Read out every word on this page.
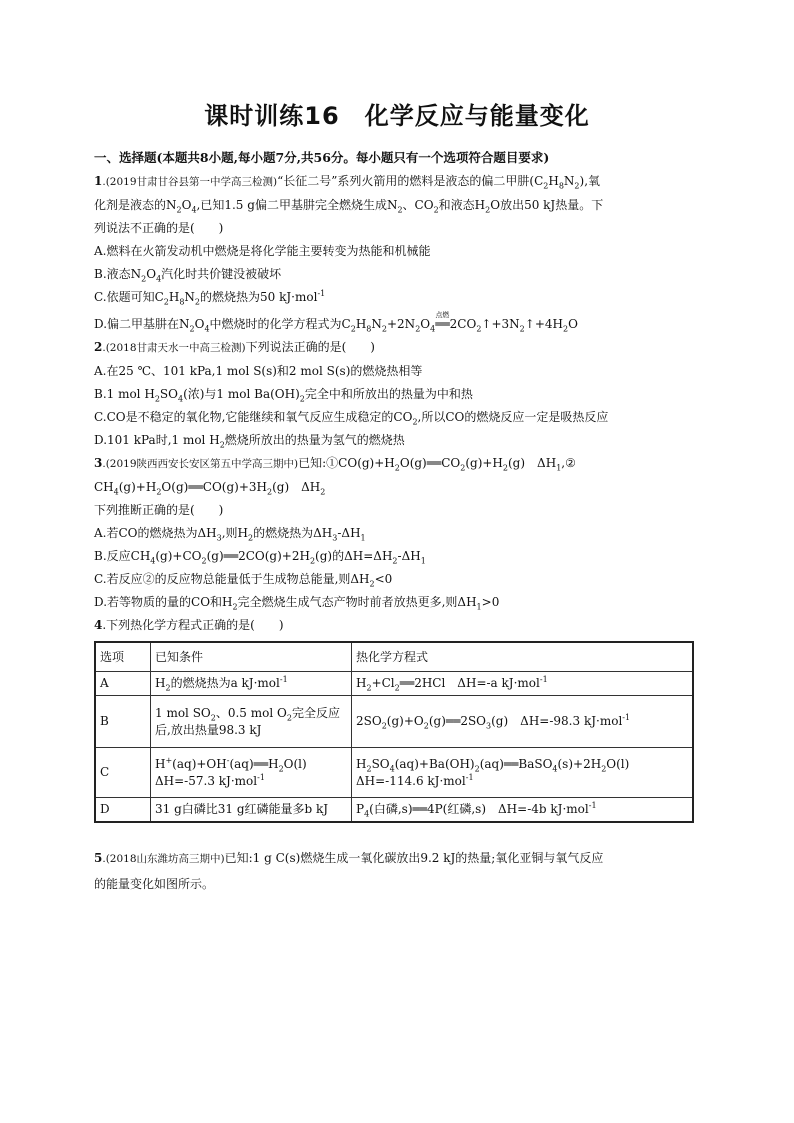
课时训练16　化学反应与能量变化
一、选择题(本题共8小题,每小题7分,共56分。每小题只有一个选项符合题目要求)
1.(2019甘肃甘谷县第一中学高三检测)“长征二号”系列火箭用的燃料是液态的偏二甲肼$(C_2H_8N_2)$,氧
化剂是液态的$N_2O_4$,已知1.5 g偏二甲基肼完全燃烧生成$N_2$、$CO_2$和液态$H_2O$放出50 kJ热量。下
列说法不正确的是(　　)
A.燃料在火箭发动机中燃烧是将化学能主要转变为热能和机械能
B.液态$N_2O_4$汽化时共价键没被破坏
C.依题可知$C_2H_8N_2$的燃烧热为50 kJ·mol$^{-1}$
D.偏二甲基肼在$N_2O_4$中燃烧时的化学方程式为$C_2H_8N_2+2N_2O_4$
点燃
$══2CO_2↑+3N_2↑+4H_2O$
2.(2018甘肃天水一中高三检测)下列说法正确的是(　　)
A.在25 ℃、101 kPa,1 mol S(s)和2 mol S(s)的燃烧热相等
B.1 mol $H_2SO_4$(浓)与1 mol $Ba(OH)_2$完全中和所放出的热量为中和热
C.CO是不稳定的氧化物,它能继续和氧气反应生成稳定的$CO_2$,所以CO的燃烧反应一定是吸热反应
D.101 kPa时,1 mol $H_2$燃烧所放出的热量为氢气的燃烧热
3.(2019陕西西安长安区第五中学高三期中)已知$:①CO(g)+H_2O(g)══CO_2(g)+H_2(g)$　$\Delta H_1,②$
$CH_4(g)+H_2O(g)══CO(g)+3H_2(g)$　$\Delta H_2$
下列推断正确的是(　　)
A.若CO的燃烧热为$\Delta H_3$,则$H_2$的燃烧热为$\Delta H_3-\Delta H_1$
B.反应$CH_4(g)+CO_2(g)══2CO(g)+2H_2(g)$的$\Delta H=\Delta H_2-\Delta H_1$
C.若反应②的反应物总能量低于生成物总能量,则$\Delta H_2<0$
D.若等物质的量的CO和$H_2$完全燃烧生成气态产物时前者放热更多,则$\Delta H_1>0$
4.下列热化学方程式正确的是(　　)
选项	已知条件	热化学方程式
A	$H_2$的燃烧热为a kJ·mol$^{-1}$	$H_2+Cl_2══2HCl$　ΔH=-a kJ·mol$^{-1}$
B	1 mol $SO_2$、0.5 mol $O_2$完全反应后,放出热量98.3 kJ	$2SO_2(g)+O_2(g)══2SO_3(g)$　ΔH=-98.3 kJ·mol$^{-1}$
C	$H^+(aq)+OH^-(aq)══H_2O(l)$　ΔH=-57.3 kJ·mol$^{-1}$	$H_2SO_4(aq)+Ba(OH)_2(aq)══BaSO_4(s)+2H_2O(l)$　ΔH=-114.6 kJ·mol$^{-1}$
D	31 g白磷比31 g红磷能量多b kJ	$P_4$(白磷,s)══4P(红磷,s)　ΔH=-4b kJ·mol$^{-1}$
5.(2018山东潍坊高三期中)已知:1 g C(s)燃烧生成一氧化碳放出9.2 kJ的热量;氧化亚铜与氧气反应
的能量变化如图所示。
